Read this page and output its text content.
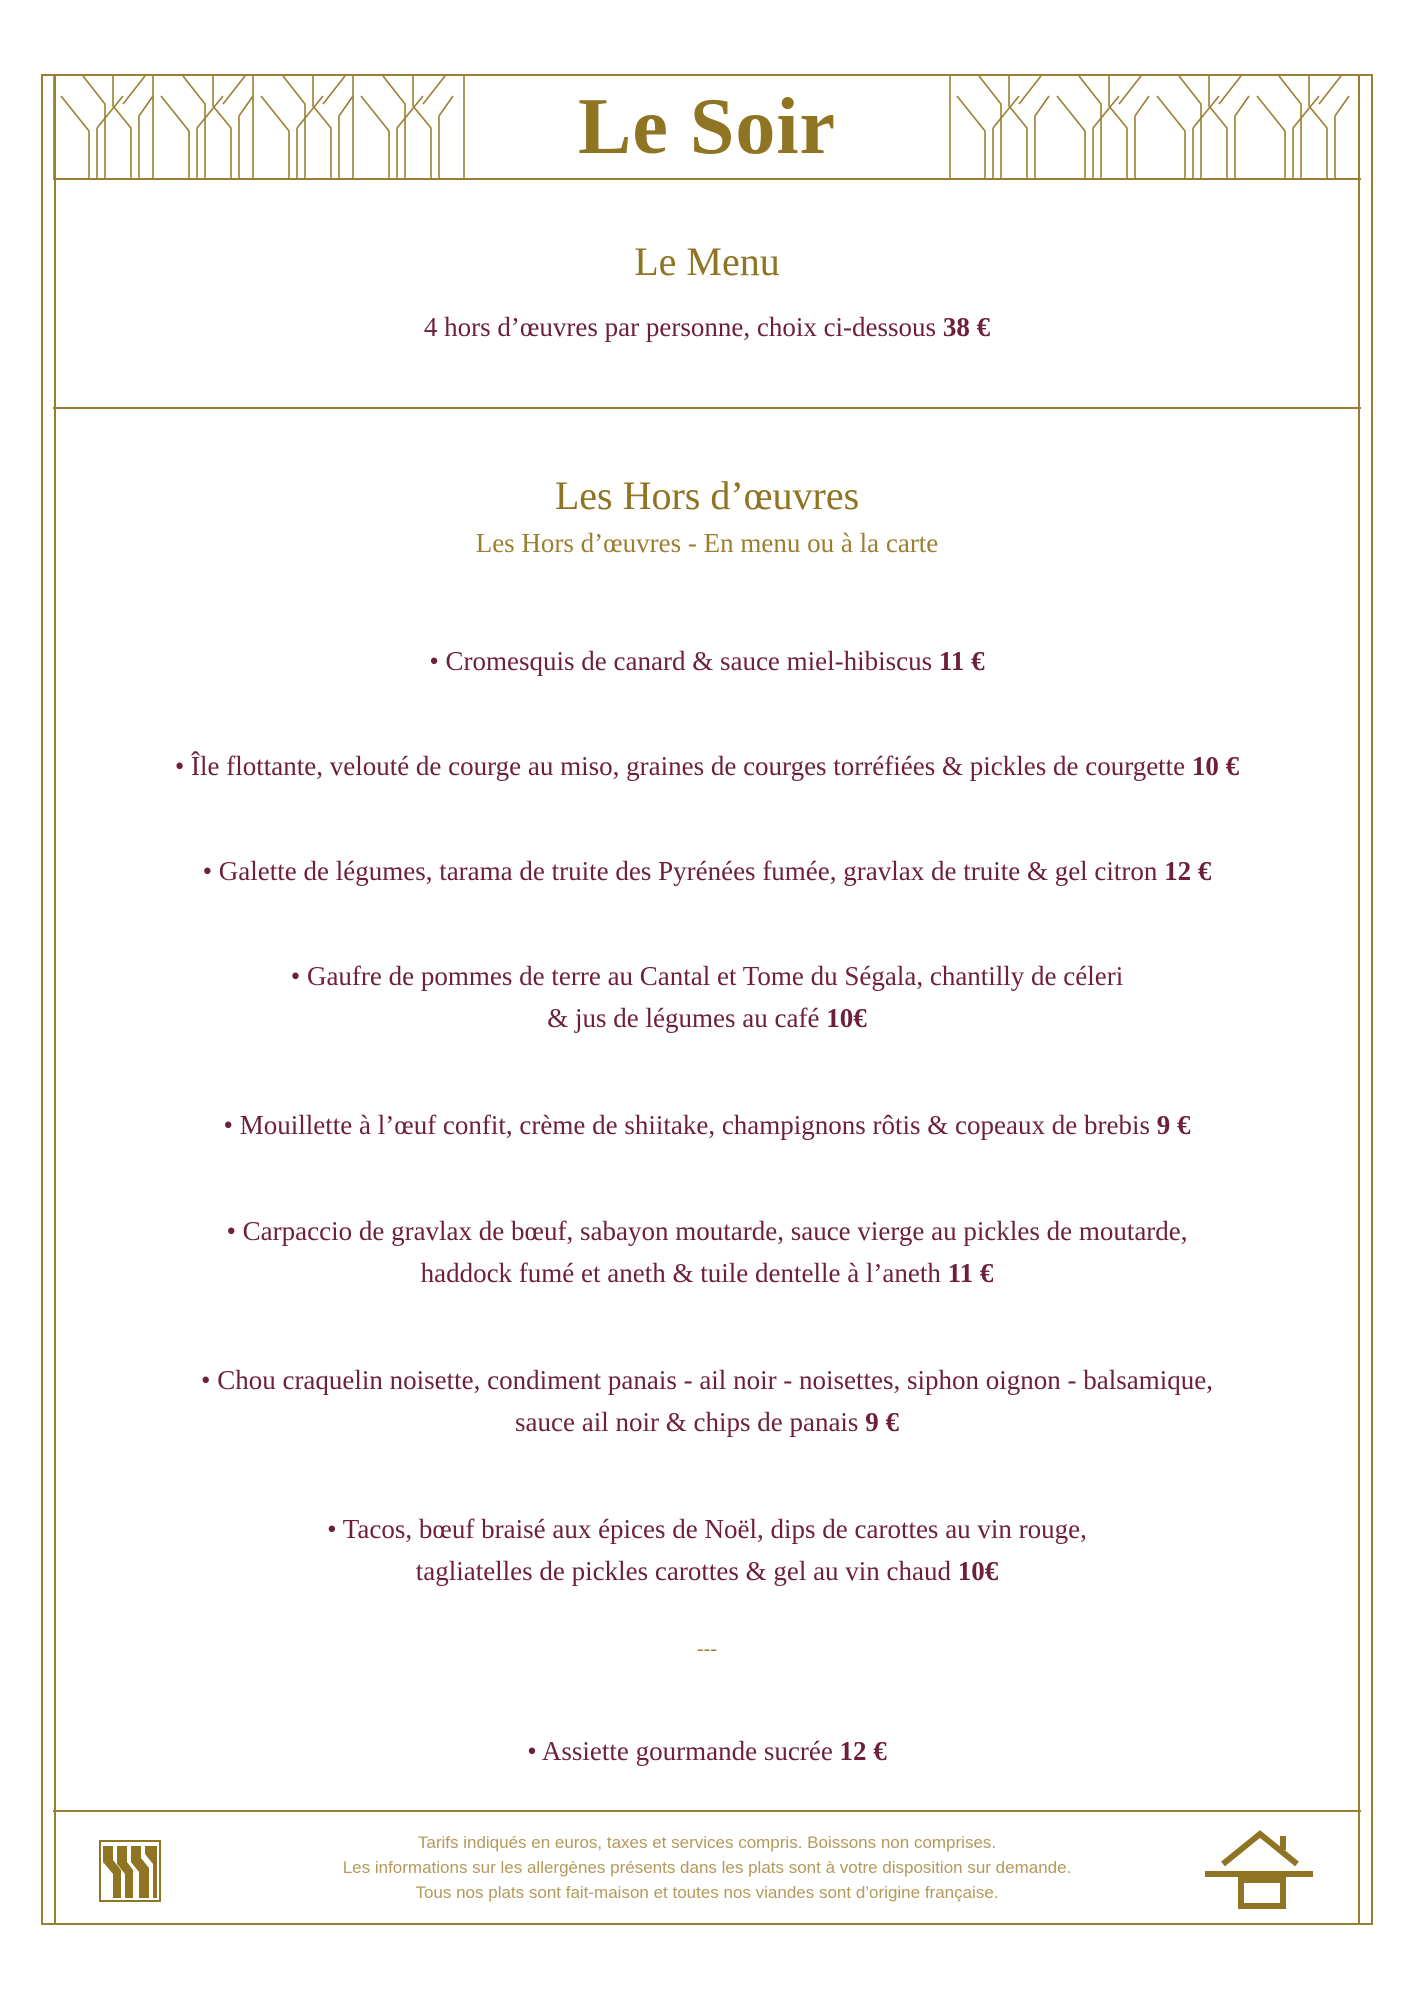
Le Soir
Le Menu
4 hors d’œuvres par personne, choix ci-dessous 38 €
Les Hors d’œuvres
Les Hors d’œuvres - En menu ou à la carte
• Cromesquis de canard & sauce miel-hibiscus 11 €
• Île flottante, velouté de courge au miso, graines de courges torréfiées & pickles de courgette 10 €
• Galette de légumes, tarama de truite des Pyrénées fumée, gravlax de truite & gel citron 12 €
• Gaufre de pommes de terre au Cantal et Tome du Ségala, chantilly de céleri
& jus de légumes au café 10€
• Mouillette à l’œuf confit, crème de shiitake, champignons rôtis & copeaux de brebis 9 €
• Carpaccio de gravlax de bœuf, sabayon moutarde, sauce vierge au pickles de moutarde,
haddock fumé et aneth & tuile dentelle à l’aneth 11 €
• Chou craquelin noisette, condiment panais - ail noir - noisettes, siphon oignon - balsamique,
sauce ail noir & chips de panais 9 €
• Tacos, bœuf braisé aux épices de Noël, dips de carottes au vin rouge,
tagliatelles de pickles carottes & gel au vin chaud 10€
---
• Assiette gourmande sucrée 12 €
Tarifs indiqués en euros, taxes et services compris. Boissons non comprises.
Les informations sur les allergènes présents dans les plats sont à votre disposition sur demande.
Tous nos plats sont fait-maison et toutes nos viandes sont d’origine française.
